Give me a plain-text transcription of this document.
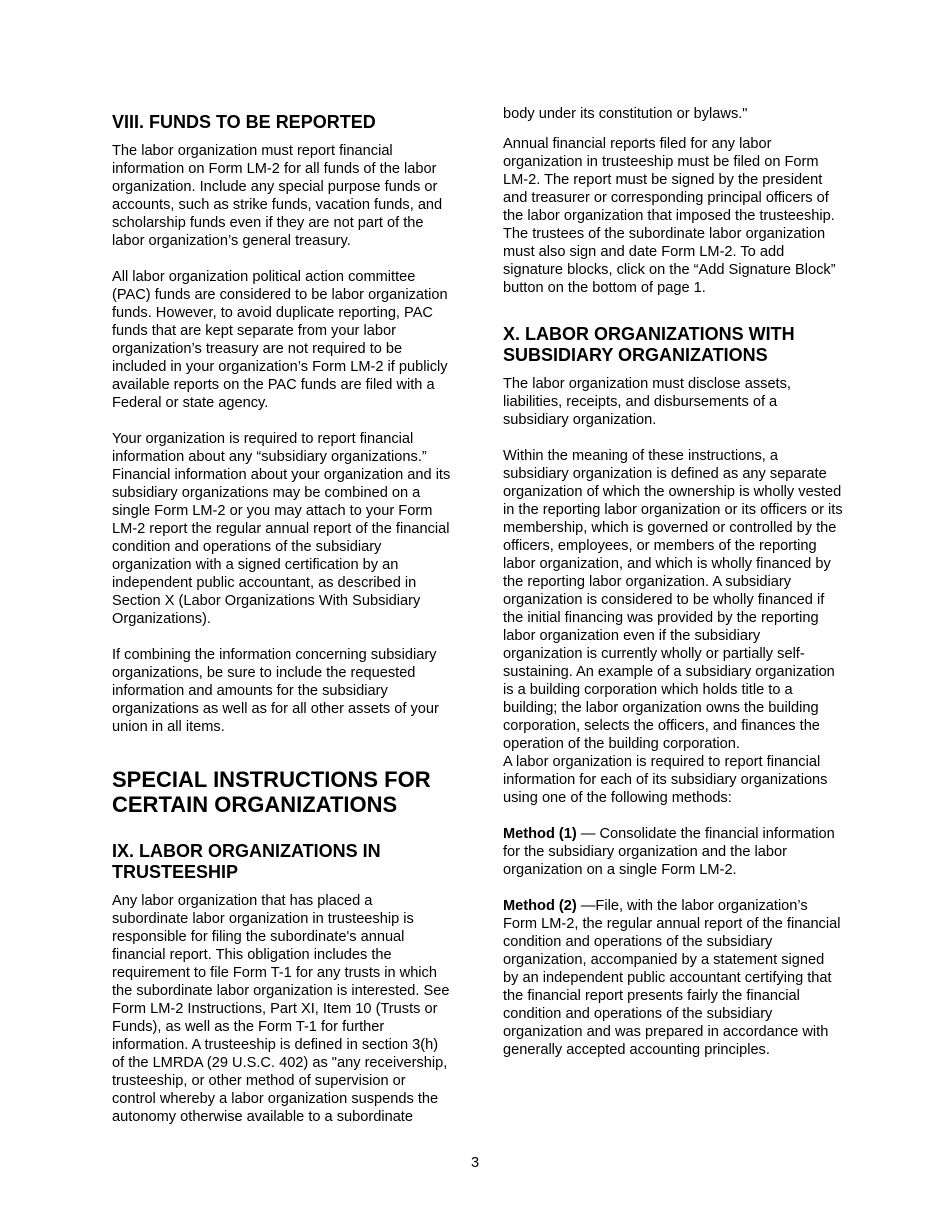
VIII. FUNDS TO BE REPORTED

The labor organization must report financial information on Form LM-2 for all funds of the labor organization. Include any special purpose funds or accounts, such as strike funds, vacation funds, and scholarship funds even if they are not part of the labor organization’s general treasury.

All labor organization political action committee (PAC) funds are considered to be labor organization funds. However, to avoid duplicate reporting, PAC funds that are kept separate from your labor organization’s treasury are not required to be included in your organization’s Form LM-2 if publicly available reports on the PAC funds are filed with a Federal or state agency.

Your organization is required to report financial information about any “subsidiary organizations.” Financial information about your organization and its subsidiary organizations may be combined on a single Form LM-2 or you may attach to your Form LM-2 report the regular annual report of the financial condition and operations of the subsidiary organization with a signed certification by an independent public accountant, as described in Section X (Labor Organizations With Subsidiary Organizations).

If combining the information concerning subsidiary organizations, be sure to include the requested information and amounts for the subsidiary organizations as well as for all other assets of your union in all items.

SPECIAL INSTRUCTIONS FOR CERTAIN ORGANIZATIONS
IX. LABOR ORGANIZATIONS IN TRUSTEESHIP

Any labor organization that has placed a subordinate labor organization in trusteeship is responsible for filing the subordinate's annual financial report. This obligation includes the requirement to file Form T-1 for any trusts in which the subordinate labor organization is interested. See Form LM-2 Instructions, Part XI, Item 10 (Trusts or Funds), as well as the Form T-1 for further information. A trusteeship is defined in section 3(h) of the LMRDA (29 U.S.C. 402) as "any receivership, trusteeship, or other method of supervision or control whereby a labor organization suspends the autonomy otherwise available to a subordinate

body under its constitution or bylaws."

Annual financial reports filed for any labor organization in trusteeship must be filed on Form LM-2. The report must be signed by the president and treasurer or corresponding principal officers of the labor organization that imposed the trusteeship. The trustees of the subordinate labor organization must also sign and date Form LM-2. To add signature blocks, click on the “Add Signature Block” button on the bottom of page 1.

X. LABOR ORGANIZATIONS WITH SUBSIDIARY ORGANIZATIONS

The labor organization must disclose assets, liabilities, receipts, and disbursements of a subsidiary organization.

Within the meaning of these instructions, a subsidiary organization is defined as any separate organization of which the ownership is wholly vested in the reporting labor organization or its officers or its membership, which is governed or controlled by the officers, employees, or members of the reporting labor organization, and which is wholly financed by the reporting labor organization. A subsidiary organization is considered to be wholly financed if the initial financing was provided by the reporting labor organization even if the subsidiary organization is currently wholly or partially self-sustaining. An example of a subsidiary organization is a building corporation which holds title to a building; the labor organization owns the building corporation, selects the officers, and finances the operation of the building corporation.

A labor organization is required to report financial information for each of its subsidiary organizations using one of the following methods:

Method (1) — Consolidate the financial information for the subsidiary organization and the labor organization on a single Form LM-2.

Method (2) —File, with the labor organization’s Form LM-2, the regular annual report of the financial condition and operations of the subsidiary organization, accompanied by a statement signed by an independent public accountant certifying that the financial report presents fairly the financial condition and operations of the subsidiary organization and was prepared in accordance with generally accepted accounting principles.

3
